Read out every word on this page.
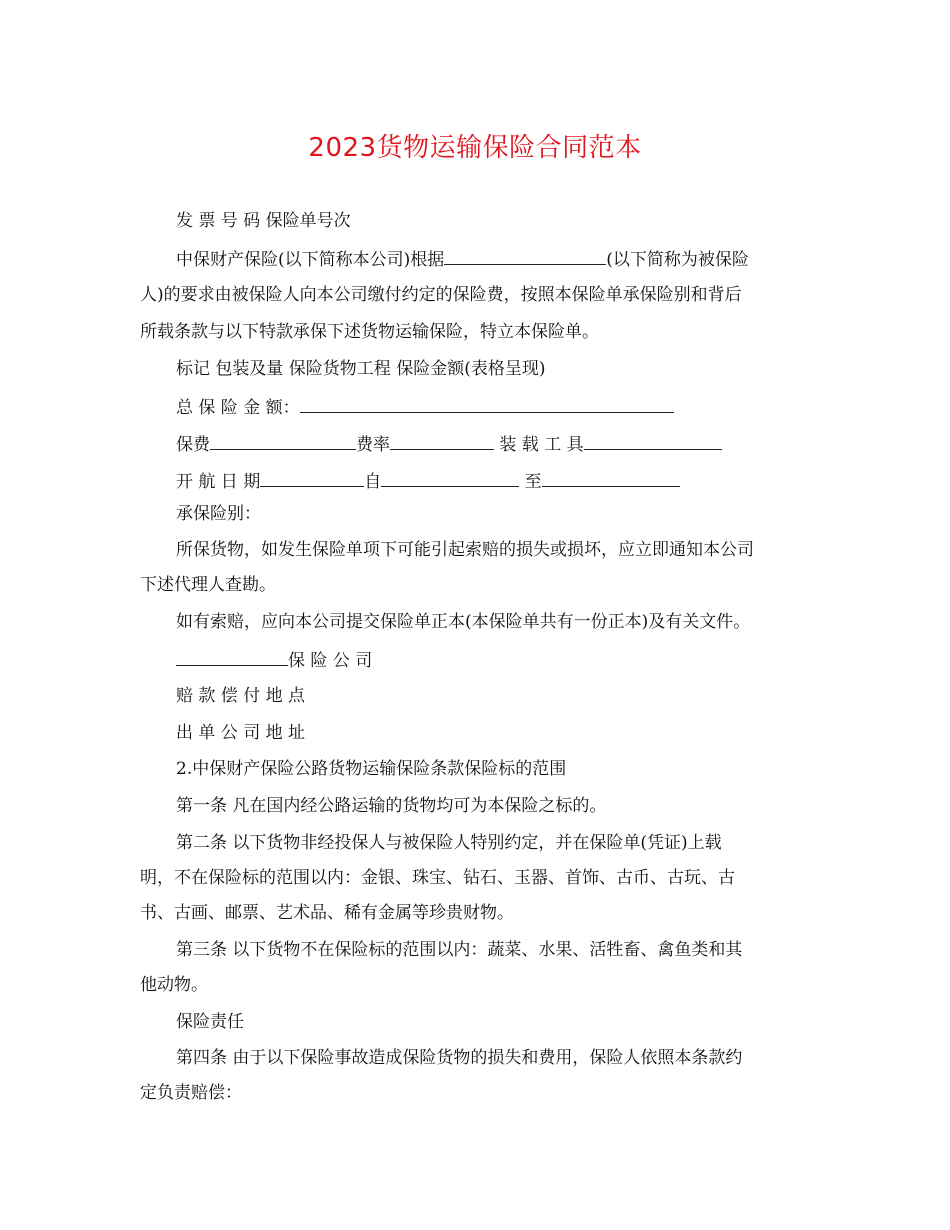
2023货物运输保险合同范本
发 票 号 码 保险单号次
中保财产保险(以下简称本公司)根据	(以下简称为被保险
人)的要求由被保险人向本公司缴付约定的保险费，按照本保险单承保险别和背后
所载条款与以下特款承保下述货物运输保险，特立本保险单。
标记 包装及量 保险货物工程 保险金额(表格呈现)
总 保 险 金 额：
保费	费率	装 载 工 具
开 航 日 期	自	至
承保险别：
所保货物，如发生保险单项下可能引起索赔的损失或损坏，应立即通知本公司
下述代理人查勘。
如有索赔，应向本公司提交保险单正本(本保险单共有一份正本)及有关文件。
保 险 公 司
赔 款 偿 付 地 点
出 单 公 司 地 址
2.中保财产保险公路货物运输保险条款保险标的范围
第一条 凡在国内经公路运输的货物均可为本保险之标的。
第二条 以下货物非经投保人与被保险人特别约定，并在保险单(凭证)上载
明，不在保险标的范围以内：金银、珠宝、钻石、玉器、首饰、古币、古玩、古
书、古画、邮票、艺术品、稀有金属等珍贵财物。
第三条 以下货物不在保险标的范围以内：蔬菜、水果、活牲畜、禽鱼类和其
他动物。
保险责任
第四条 由于以下保险事故造成保险货物的损失和费用，保险人依照本条款约
定负责赔偿：
